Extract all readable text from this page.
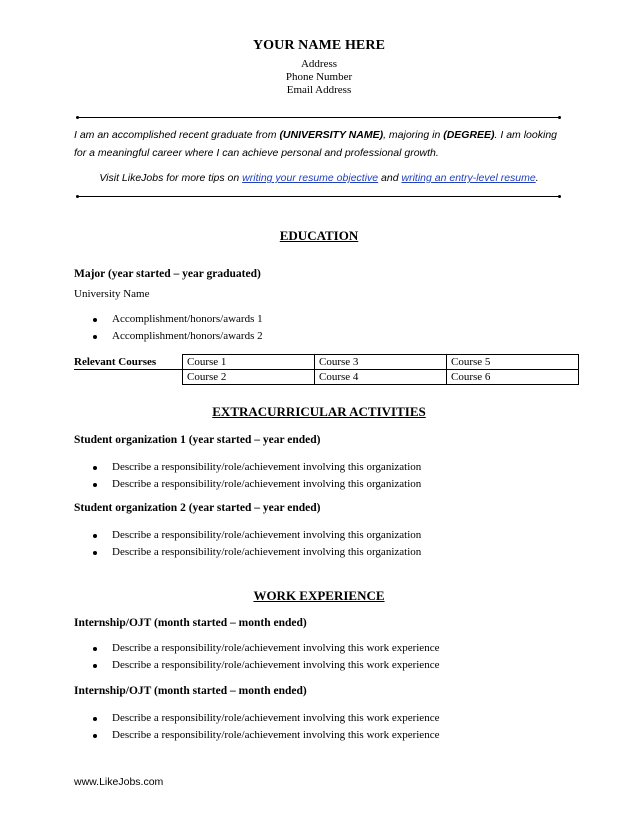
YOUR NAME HERE
Address
Phone Number
Email Address
I am an accomplished recent graduate from (UNIVERSITY NAME), majoring in (DEGREE). I am looking for a meaningful career where I can achieve personal and professional growth.
Visit LikeJobs for more tips on writing your resume objective and writing an entry-level resume.
EDUCATION
Major (year started – year graduated)
University Name
Accomplishment/honors/awards 1
Accomplishment/honors/awards 2
Relevant Courses	Course 1	Course 3	Course 5
	Course 2	Course 4	Course 6
EXTRACURRICULAR ACTIVITIES
Student organization 1 (year started – year ended)
Describe a responsibility/role/achievement involving this organization
Describe a responsibility/role/achievement involving this organization
Student organization 2 (year started – year ended)
Describe a responsibility/role/achievement involving this organization
Describe a responsibility/role/achievement involving this organization
WORK EXPERIENCE
Internship/OJT (month started – month ended)
Describe a responsibility/role/achievement involving this work experience
Describe a responsibility/role/achievement involving this work experience
Internship/OJT (month started – month ended)
Describe a responsibility/role/achievement involving this work experience
Describe a responsibility/role/achievement involving this work experience
www.LikeJobs.com
